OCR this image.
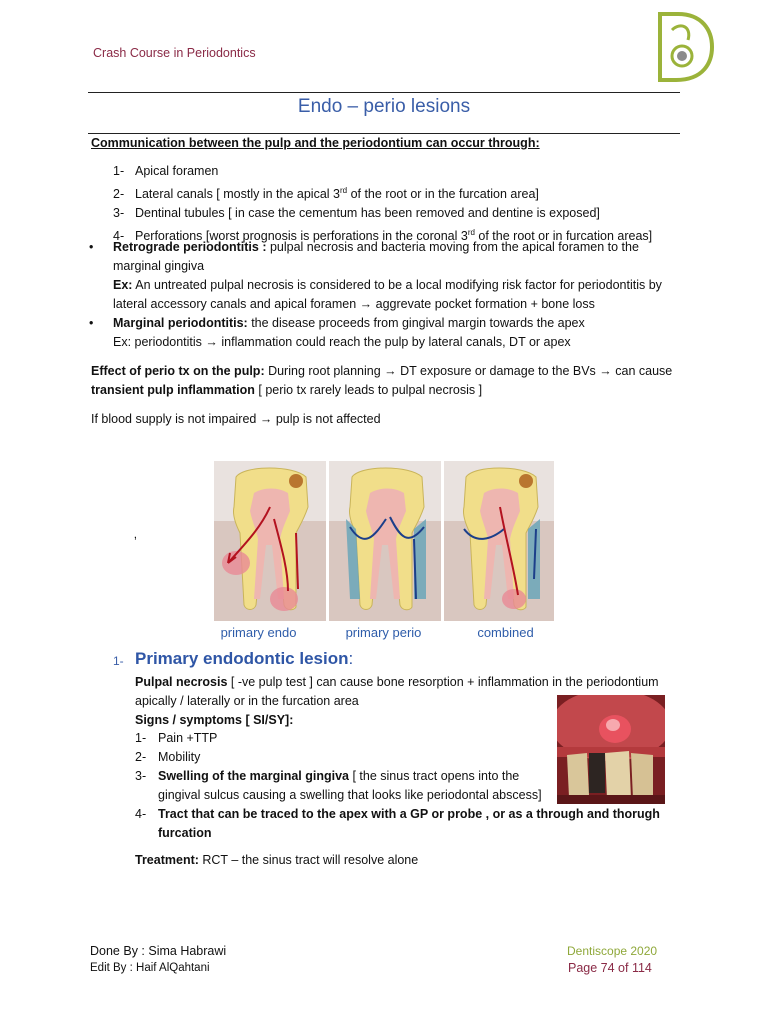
Crash Course in Periodontics
Endo – perio lesions
Communication between the pulp and the periodontium can occur through:
1- Apical foramen
2- Lateral canals [ mostly in the apical 3rd of the root or in the furcation area]
3- Dentinal tubules [ in case the cementum has been removed and dentine is exposed]
4- Perforations [worst prognosis is perforations in the coronal 3rd of the root or in furcation areas]
• Retrograde periodontitis : pulpal necrosis and bacteria moving from the apical foramen to the
marginal gingiva
Ex: An untreated pulpal necrosis is considered to be a local modifying risk factor for periodontitis by
lateral accessory canals and apical foramen → aggrevate pocket formation + bone loss
• Marginal periodontitis: the disease proceeds from gingival margin towards the apex
Ex: periodontitis → inflammation could reach the pulp by lateral canals, DT or apex
Effect of perio tx on the pulp: During root planning → DT exposure or damage to the BVs → can cause
transient pulp inflammation [ perio tx rarely leads to pulpal necrosis ]
If blood supply is not impaired → pulp is not affected
‚
primary endo	primary perio	combined
1- Primary endodontic lesion:
Pulpal necrosis [ -ve pulp test ] can cause bone resorption + inflammation in the periodontium
apically / laterally or in the furcation area
Signs / symptoms [ SI/SY]:
1- Pain +TTP
2- Mobility
3- Swelling of the marginal gingiva [ the sinus tract opens into the
gingival sulcus causing a swelling that looks like periodontal abscess]
4- Tract that can be traced to the apex with a GP or probe , or as a through and thorugh
furcation
Treatment: RCT – the sinus tract will resolve alone
Done By : Sima Habrawi
Edit By : Haif AlQahtani
Dentiscope 2020
Page 74 of 114
